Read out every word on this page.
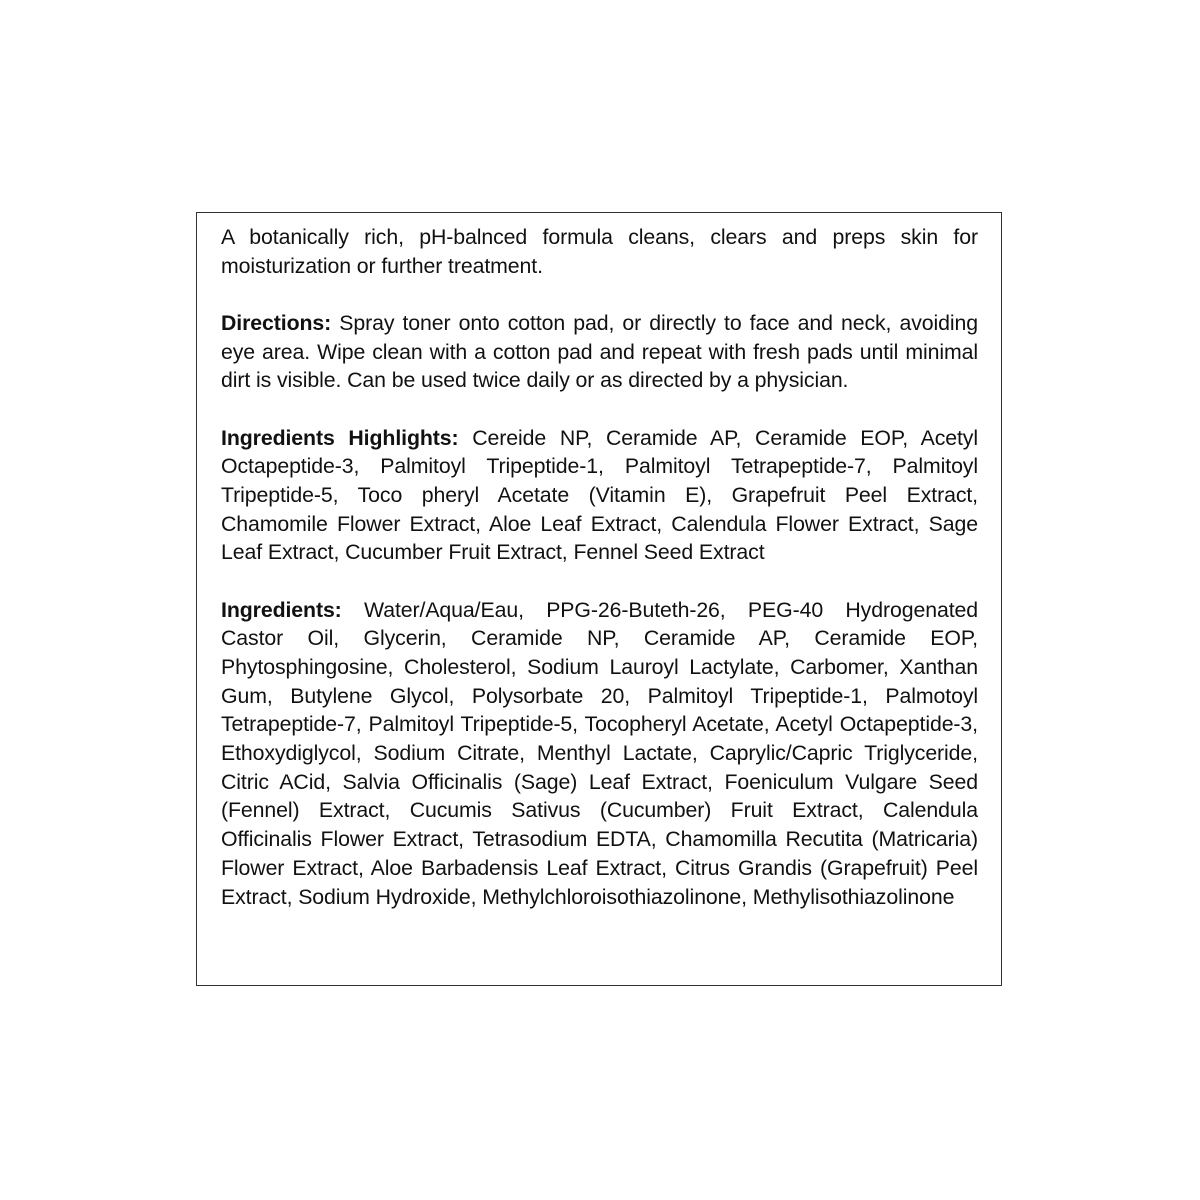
A botanically rich, pH-balnced formula cleans, clears and preps skin for moisturization or further treatment.

Directions: Spray toner onto cotton pad, or directly to face and neck, avoiding eye area. Wipe clean with a cotton pad and repeat with fresh pads until minimal dirt is visible. Can be used twice daily or as directed by a physician.

Ingredients Highlights: Cereide NP, Ceramide AP, Ceramide EOP, Acetyl Octapeptide-3, Palmitoyl Tripeptide-1, Palmitoyl Tetrapeptide-7, Palmitoyl Tripeptide-5, Toco pheryl Acetate (Vitamin E), Grapefruit Peel Extract, Chamomile Flower Extract, Aloe Leaf Extract, Calendula Flower Extract, Sage Leaf Extract, Cucumber Fruit Extract, Fennel Seed Extract

Ingredients: Water/Aqua/Eau, PPG-26-Buteth-26, PEG-40 Hydrogenated Castor Oil, Glycerin, Ceramide NP, Ceramide AP, Ceramide EOP, Phytosphingosine, Cholesterol, Sodium Lauroyl Lactylate, Carbomer, Xanthan Gum, Butylene Glycol, Polysorbate 20, Palmitoyl Tripeptide-1, Palmotoyl Tetrapeptide-7, Palmitoyl Tripeptide-5, Tocopheryl Acetate, Acetyl Octapeptide-3, Ethoxydiglycol, Sodium Citrate, Menthyl Lactate, Caprylic/Capric Triglyceride, Citric ACid, Salvia Officinalis (Sage) Leaf Extract, Foeniculum Vulgare Seed (Fennel) Extract, Cucumis Sativus (Cucumber) Fruit Extract, Calendula Officinalis Flower Extract, Tetrasodium EDTA, Chamomilla Recutita (Matricaria) Flower Extract, Aloe Barbadensis Leaf Extract, Citrus Grandis (Grapefruit) Peel Extract, Sodium Hydroxide, Methylchloroisothiazolinone, Methylisothiazolinone
